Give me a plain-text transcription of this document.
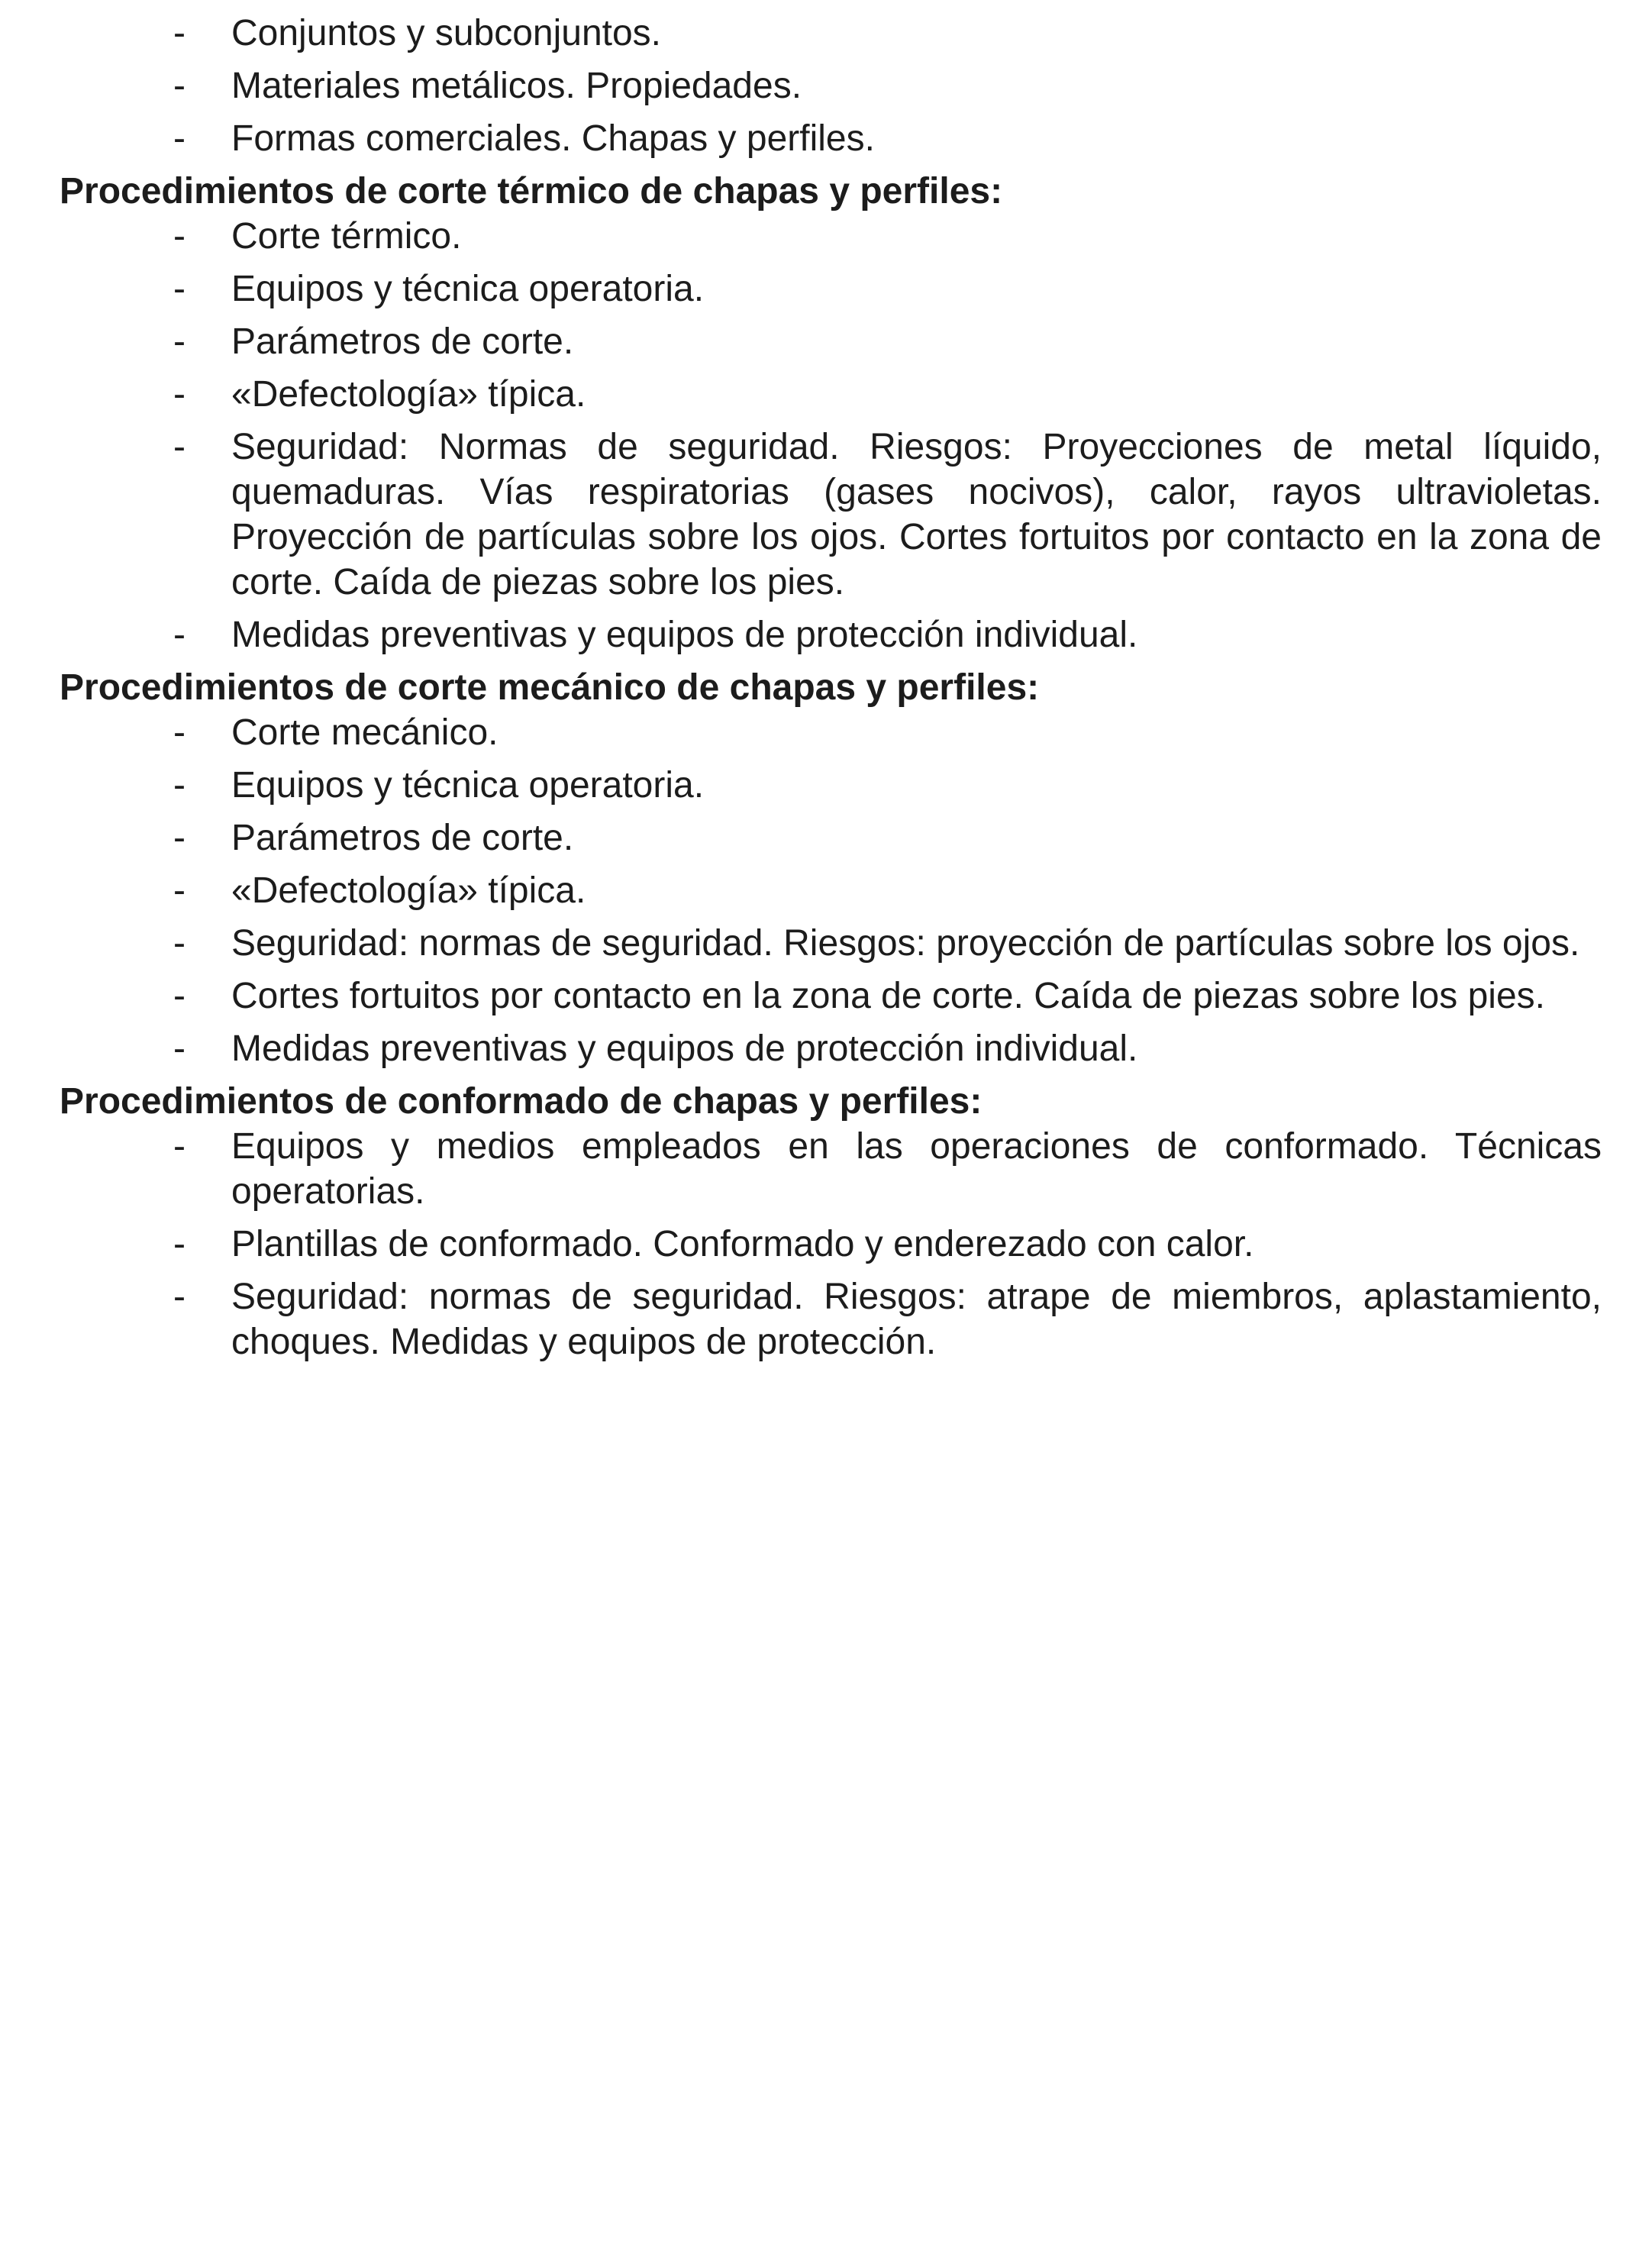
- Conjuntos y subconjuntos.
- Materiales metálicos. Propiedades.
- Formas comerciales. Chapas y perfiles.
Procedimientos de corte térmico de chapas y perfiles:
- Corte térmico.
- Equipos y técnica operatoria.
- Parámetros de corte.
- «Defectología» típica.
- Seguridad: Normas de seguridad. Riesgos: Proyecciones de metal líquido, quemaduras. Vías respiratorias (gases nocivos), calor, rayos ultravioletas. Proyección de partículas sobre los ojos. Cortes fortuitos por contacto en la zona de corte. Caída de piezas sobre los pies.
- Medidas preventivas y equipos de protección individual.
Procedimientos de corte mecánico de chapas y perfiles:
- Corte mecánico.
- Equipos y técnica operatoria.
- Parámetros de corte.
- «Defectología» típica.
- Seguridad: normas de seguridad. Riesgos: proyección de partículas sobre los ojos.
- Cortes fortuitos por contacto en la zona de corte. Caída de piezas sobre los pies.
- Medidas preventivas y equipos de protección individual.
Procedimientos de conformado de chapas y perfiles:
- Equipos y medios empleados en las operaciones de conformado. Técnicas operatorias.
- Plantillas de conformado. Conformado y enderezado con calor.
- Seguridad: normas de seguridad. Riesgos: atrape de miembros, aplastamiento, choques. Medidas y equipos de protección.
